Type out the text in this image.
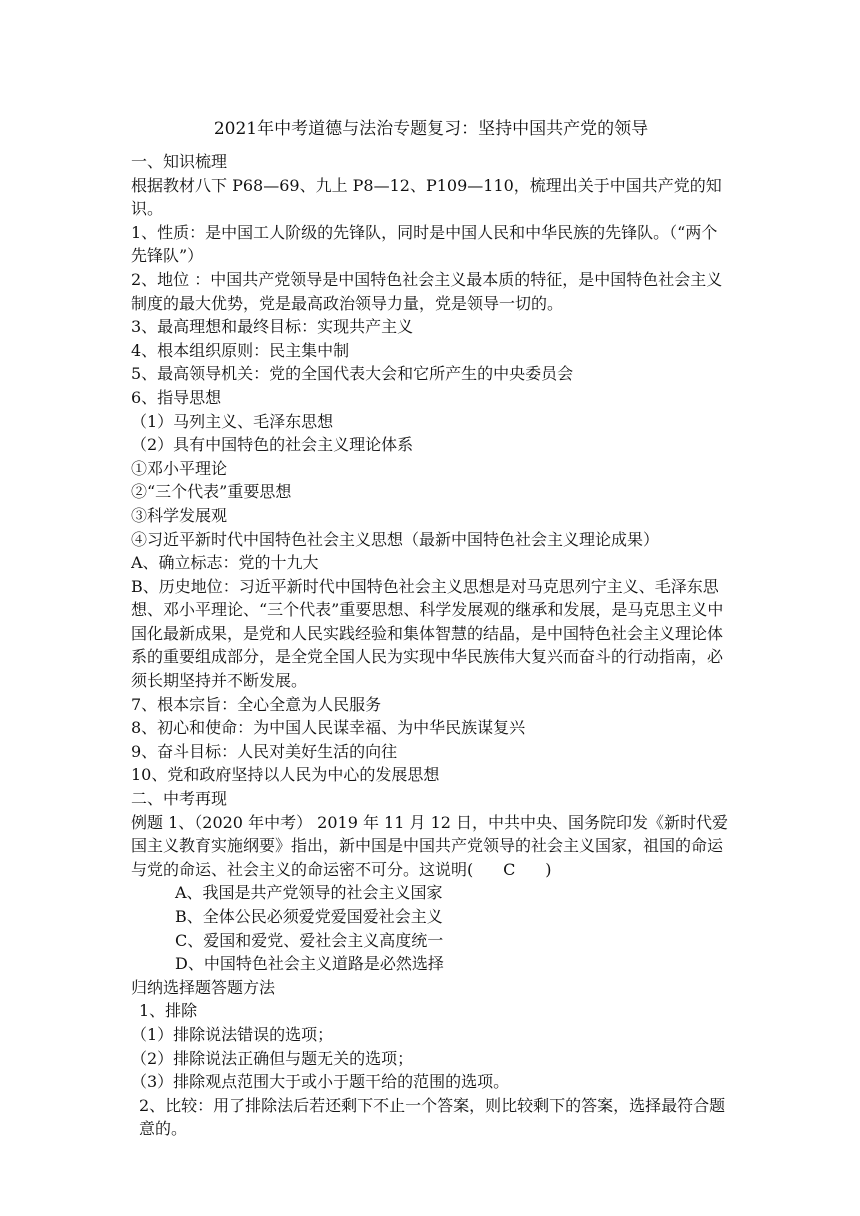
2021年中考道德与法治专题复习：坚持中国共产党的领导
一、知识梳理
根据教材八下 P68—69、九上 P8—12、P109—110，梳理出关于中国共产党的知识。
1、性质：是中国工人阶级的先锋队，同时是中国人民和中华民族的先锋队。（“两个先锋队”）
2、地位 ：中国共产党领导是中国特色社会主义最本质的特征，是中国特色社会主义制度的最大优势，党是最高政治领导力量，党是领导一切的。
3、最高理想和最终目标：实现共产主义
4、根本组织原则：民主集中制
5、最高领导机关：党的全国代表大会和它所产生的中央委员会
6、指导思想
（1）马列主义、毛泽东思想
（2）具有中国特色的社会主义理论体系
①邓小平理论
②“三个代表”重要思想
③科学发展观
④习近平新时代中国特色社会主义思想（最新中国特色社会主义理论成果）
A、确立标志：党的十九大
B、历史地位：习近平新时代中国特色社会主义思想是对马克思列宁主义、毛泽东思想、邓小平理论、“三个代表”重要思想、科学发展观的继承和发展，是马克思主义中国化最新成果，是党和人民实践经验和集体智慧的结晶，是中国特色社会主义理论体系的重要组成部分，是全党全国人民为实现中华民族伟大复兴而奋斗的行动指南，必须长期坚持并不断发展。
7、根本宗旨：全心全意为人民服务
8、初心和使命：为中国人民谋幸福、为中华民族谋复兴
9、奋斗目标：人民对美好生活的向往
10、党和政府坚持以人民为中心的发展思想
二、中考再现
例题 1、（2020 年中考） 2019 年 11 月 12 日，中共中央、国务院印发《新时代爱国主义教育实施纲要》指出，新中国是中国共产党领导的社会主义国家，祖国的命运与党的命运、社会主义的命运密不可分。这说明( C )
A、我国是共产党领导的社会主义国家
B、全体公民必须爱党爱国爱社会主义
C、爱国和爱党、爱社会主义高度统一
D、中国特色社会主义道路是必然选择
归纳选择题答题方法
1、排除
（1）排除说法错误的选项；
（2）排除说法正确但与题无关的选项；
（3）排除观点范围大于或小于题干给的范围的选项。
2、比较：用了排除法后若还剩下不止一个答案，则比较剩下的答案，选择最符合题意的。
